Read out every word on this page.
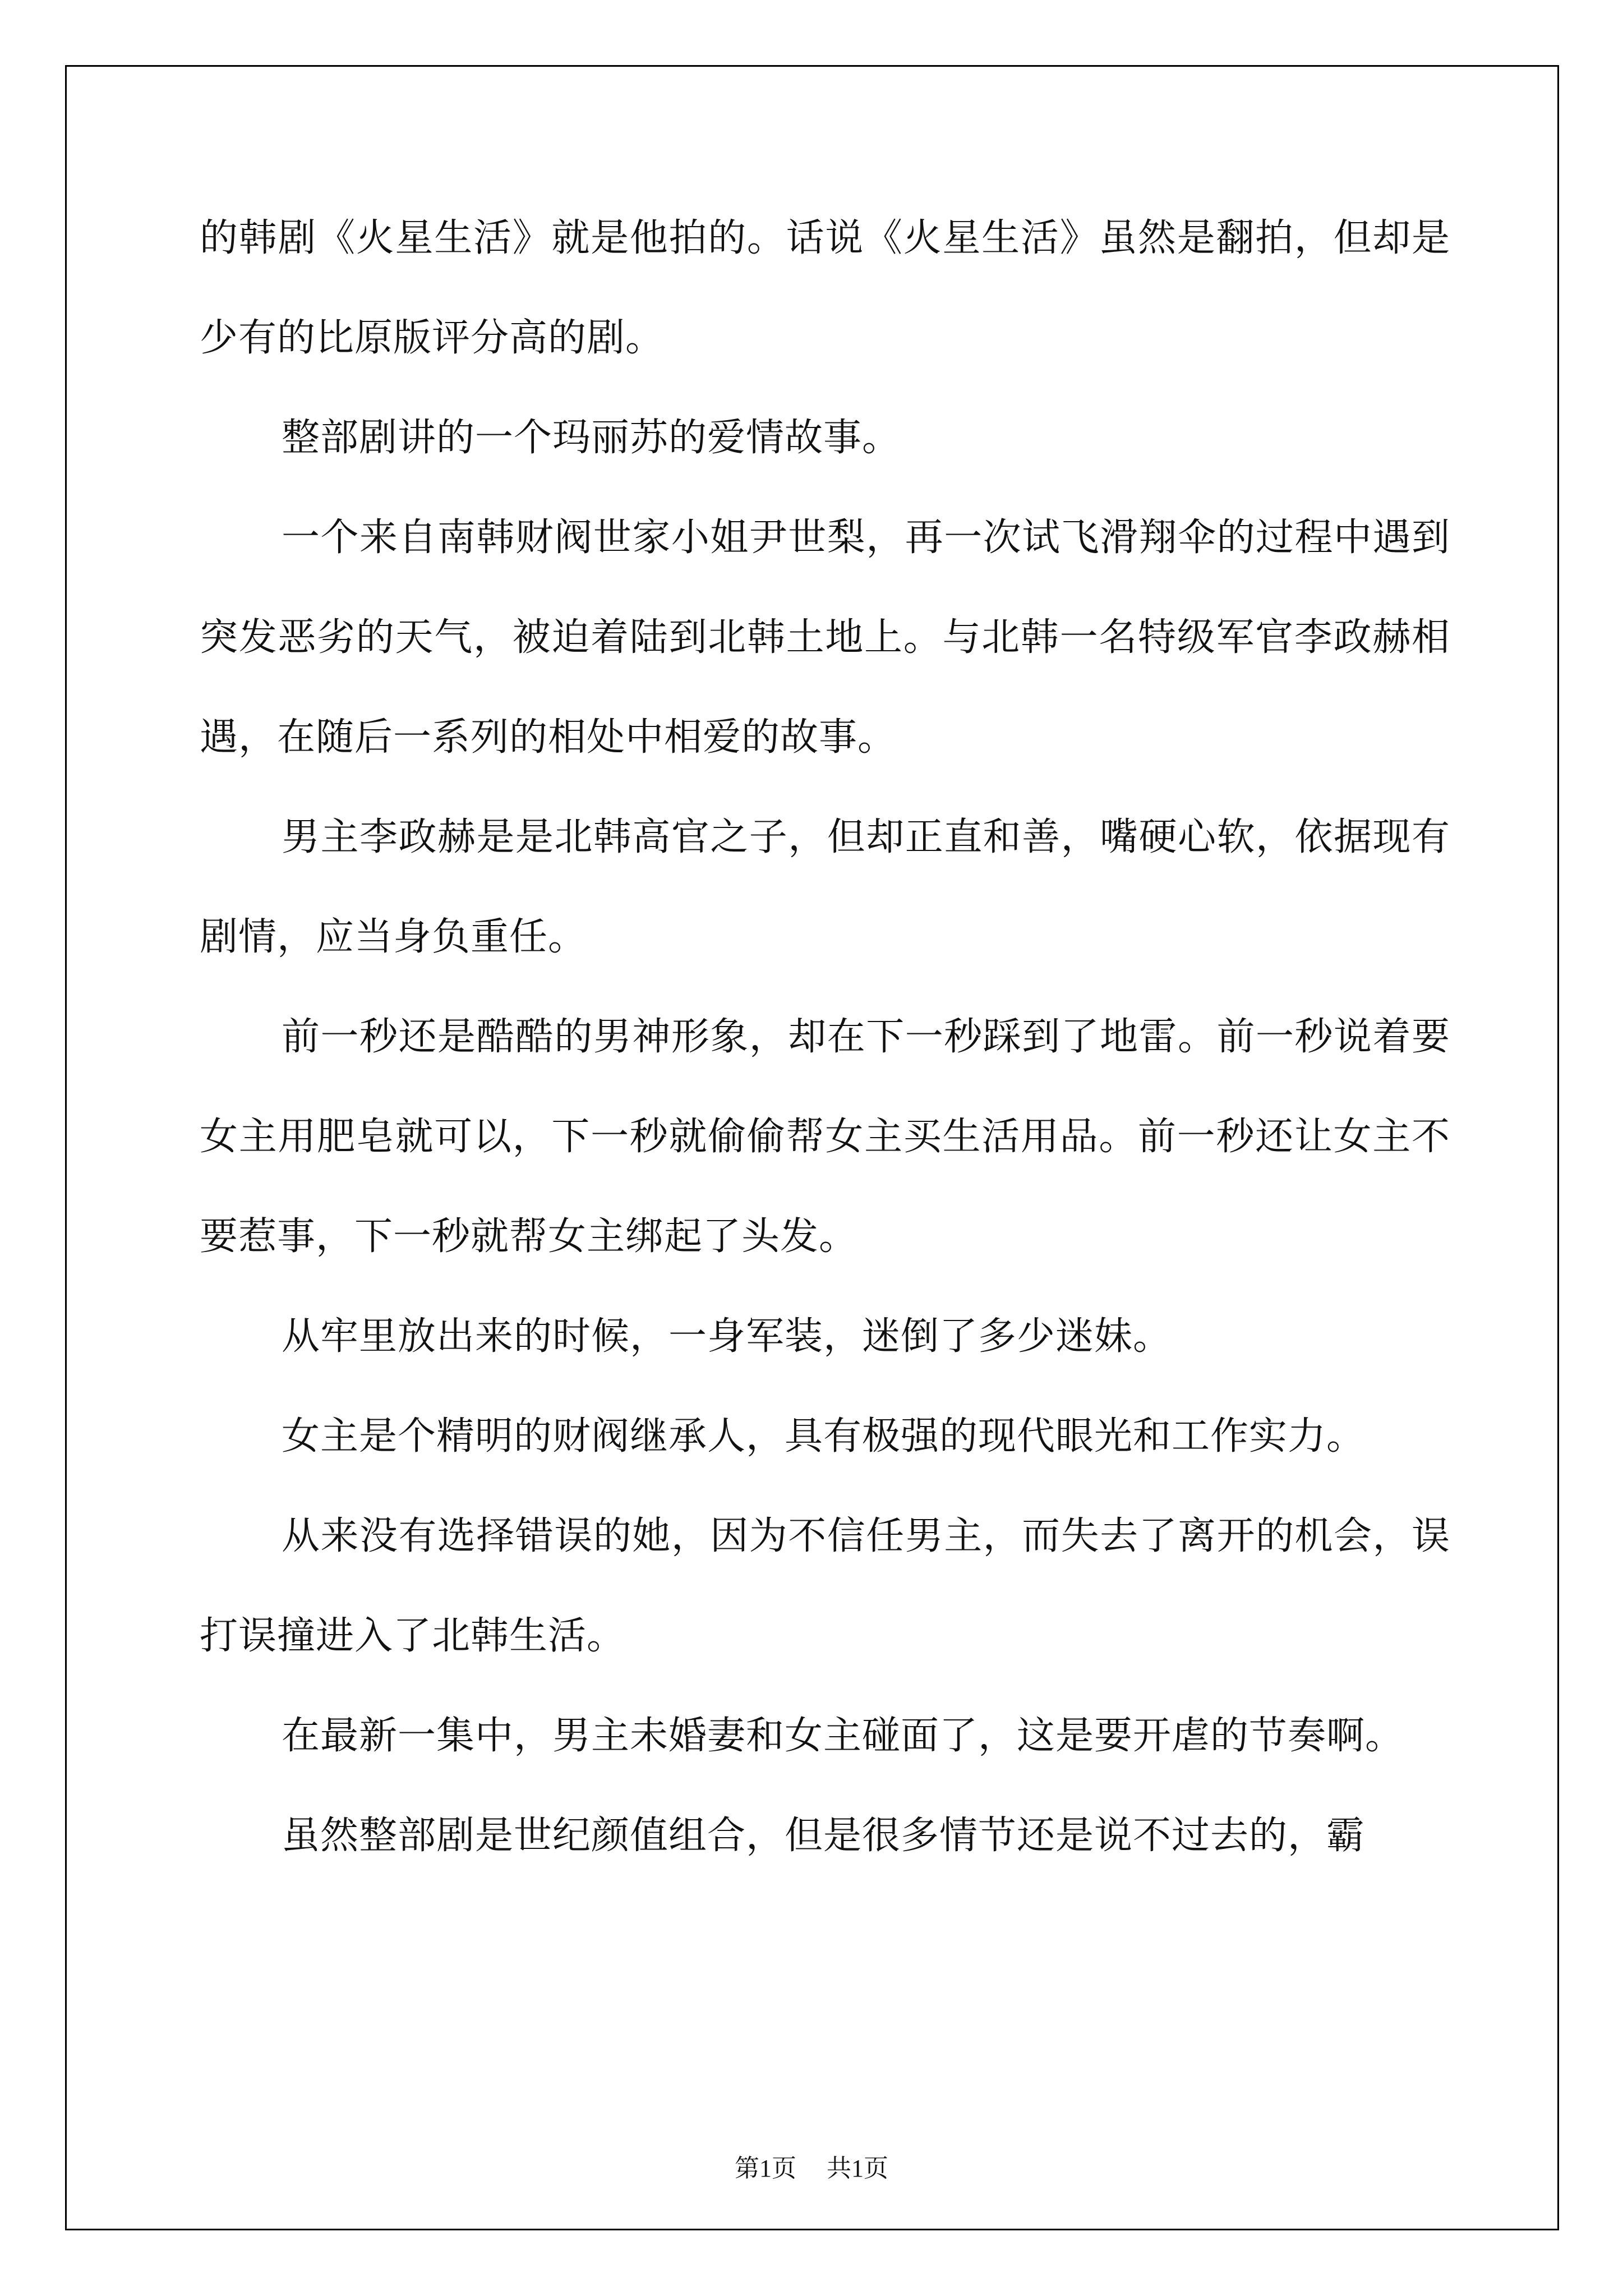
的韩剧《火星生活》就是他拍的。话说《火星生活》虽然是翻拍，但却是少有的比原版评分高的剧。

整部剧讲的一个玛丽苏的爱情故事。

一个来自南韩财阀世家小姐尹世梨，再一次试飞滑翔伞的过程中遇到突发恶劣的天气，被迫着陆到北韩土地上。与北韩一名特级军官李政赫相遇，在随后一系列的相处中相爱的故事。

男主李政赫是是北韩高官之子，但却正直和善，嘴硬心软，依据现有剧情，应当身负重任。

前一秒还是酷酷的男神形象，却在下一秒踩到了地雷。前一秒说着要女主用肥皂就可以，下一秒就偷偷帮女主买生活用品。前一秒还让女主不要惹事，下一秒就帮女主绑起了头发。

从牢里放出来的时候，一身军装，迷倒了多少迷妹。

女主是个精明的财阀继承人，具有极强的现代眼光和工作实力。

从来没有选择错误的她，因为不信任男主，而失去了离开的机会，误打误撞进入了北韩生活。

在最新一集中，男主未婚妻和女主碰面了，这是要开虐的节奏啊。

虽然整部剧是世纪颜值组合，但是很多情节还是说不过去的，霸

第1页 共1页
